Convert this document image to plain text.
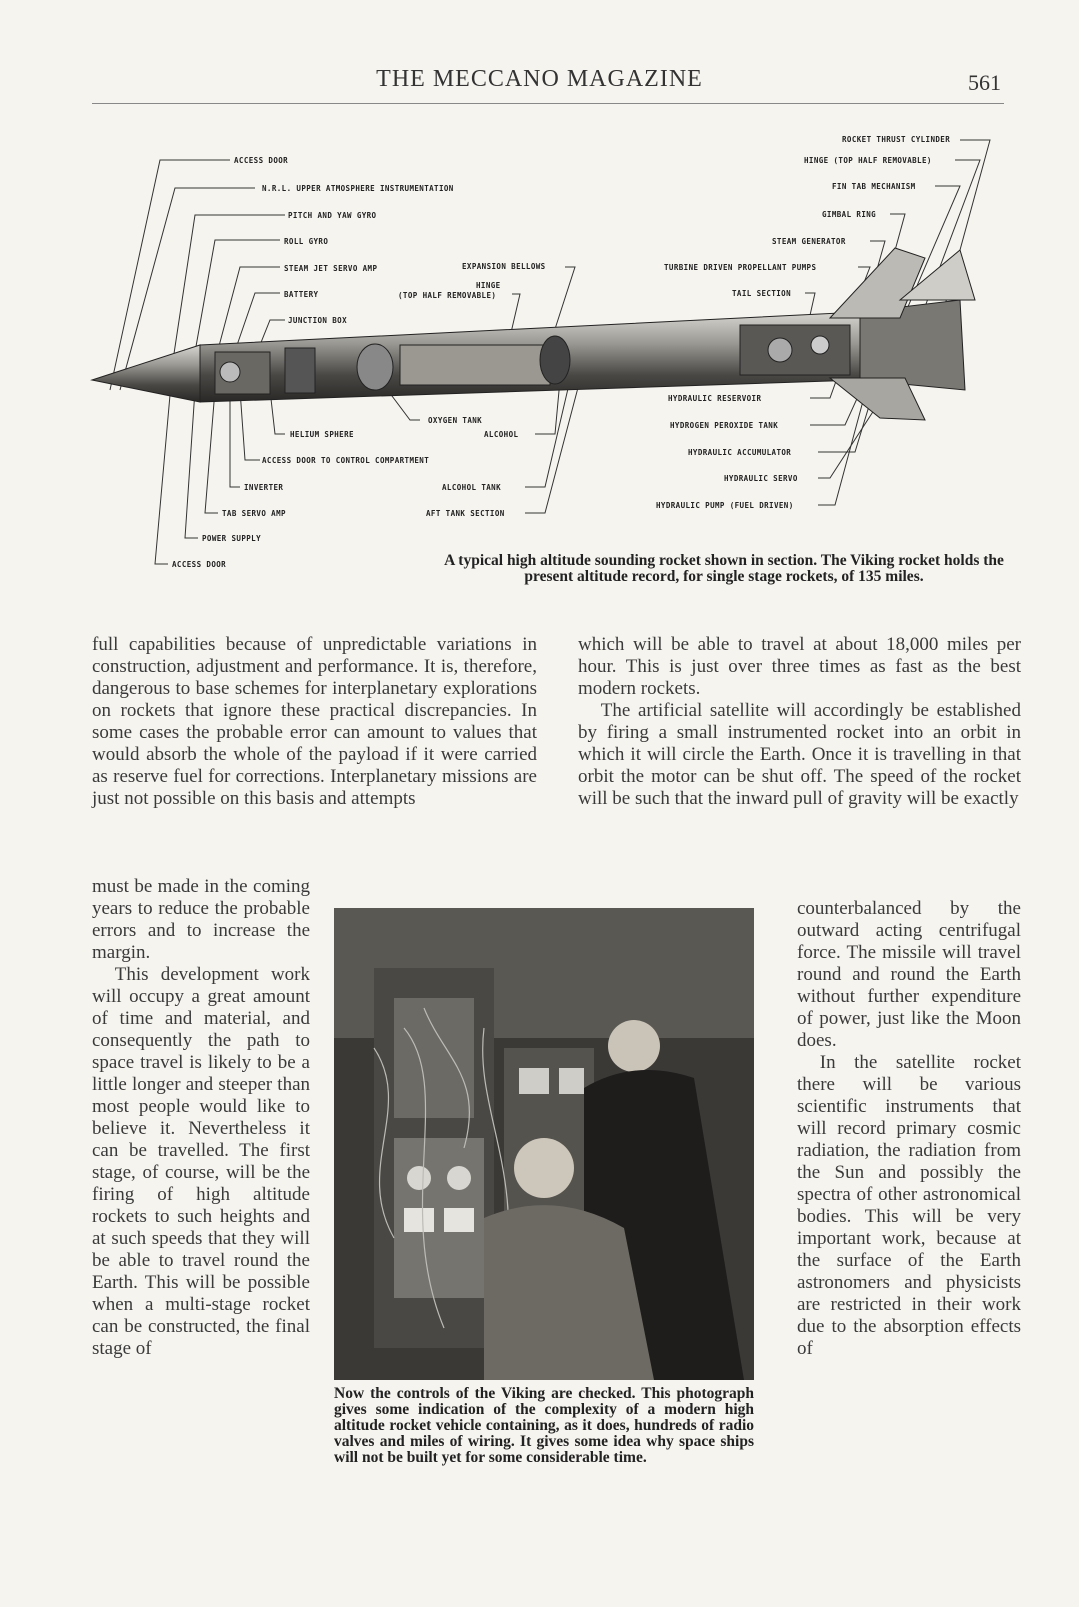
THE MECCANO MAGAZINE	561
ACCESS DOOR
N.R.L. UPPER ATMOSPHERE INSTRUMENTATION
PITCH AND YAW GYRO
ROLL GYRO
STEAM JET SERVO AMP
BATTERY
JUNCTION BOX
EXPANSION BELLOWS
HINGE
(TOP HALF REMOVABLE)
ROCKET THRUST CYLINDER
HINGE (TOP HALF REMOVABLE)
FIN TAB MECHANISM
GIMBAL RING
STEAM GENERATOR
TURBINE DRIVEN PROPELLANT PUMPS
TAIL SECTION
OXYGEN TANK
HELIUM SPHERE	ALCOHOL
ACCESS DOOR TO CONTROL COMPARTMENT
INVERTER	ALCOHOL TANK
TAB SERVO AMP	AFT TANK SECTION
POWER SUPPLY
ACCESS DOOR
HYDRAULIC RESERVOIR
HYDROGEN PEROXIDE TANK
HYDRAULIC ACCUMULATOR
HYDRAULIC SERVO
HYDRAULIC PUMP (FUEL DRIVEN)
A typical high altitude sounding rocket shown in section. The Viking rocket holds the present altitude record, for single stage rockets, of 135 miles.

full capabilities because of unpredictable variations in construction, adjustment and performance. It is, therefore, dangerous to base schemes for interplanetary explorations on rockets that ignore these practical discrepancies. In some cases the probable error can amount to values that would absorb the whole of the payload if it were carried as reserve fuel for corrections. Interplanetary missions are just not possible on this basis and attempts

must be made in the coming years to reduce the probable errors and to increase the margin.

This development work will occupy a great amount of time and material, and consequently the path to space travel is likely to be a little longer and steeper than most people would like to believe it. Nevertheless it can be travelled. The first stage, of course, will be the firing of high altitude rockets to such heights and at such speeds that they will be able to travel round the Earth. This will be possible when a multi-stage rocket can be constructed, the final stage of

which will be able to travel at about 18,000 miles per hour. This is just over three times as fast as the best modern rockets.

The artificial satellite will accordingly be established by firing a small instrumented rocket into an orbit in which it will circle the Earth. Once it is travelling in that orbit the motor can be shut off. The speed of the rocket will be such that the inward pull of gravity will be exactly

counterbalanced by the outward acting centrifugal force. The missile will travel round and round the Earth without further expenditure of power, just like the Moon does.

In the satellite rocket there will be various scientific instruments that will record primary cosmic radiation, the radiation from the Sun and possibly the spectra of other astronomical bodies. This will be very important work, because at the surface of the Earth astronomers and physicists are restricted in their work due to the absorption effects of

Now the controls of the Viking are checked. This photograph gives some indication of the complexity of a modern high altitude rocket vehicle containing, as it does, hundreds of radio valves and miles of wiring. It gives some idea why space ships will not be built yet for some considerable time.
